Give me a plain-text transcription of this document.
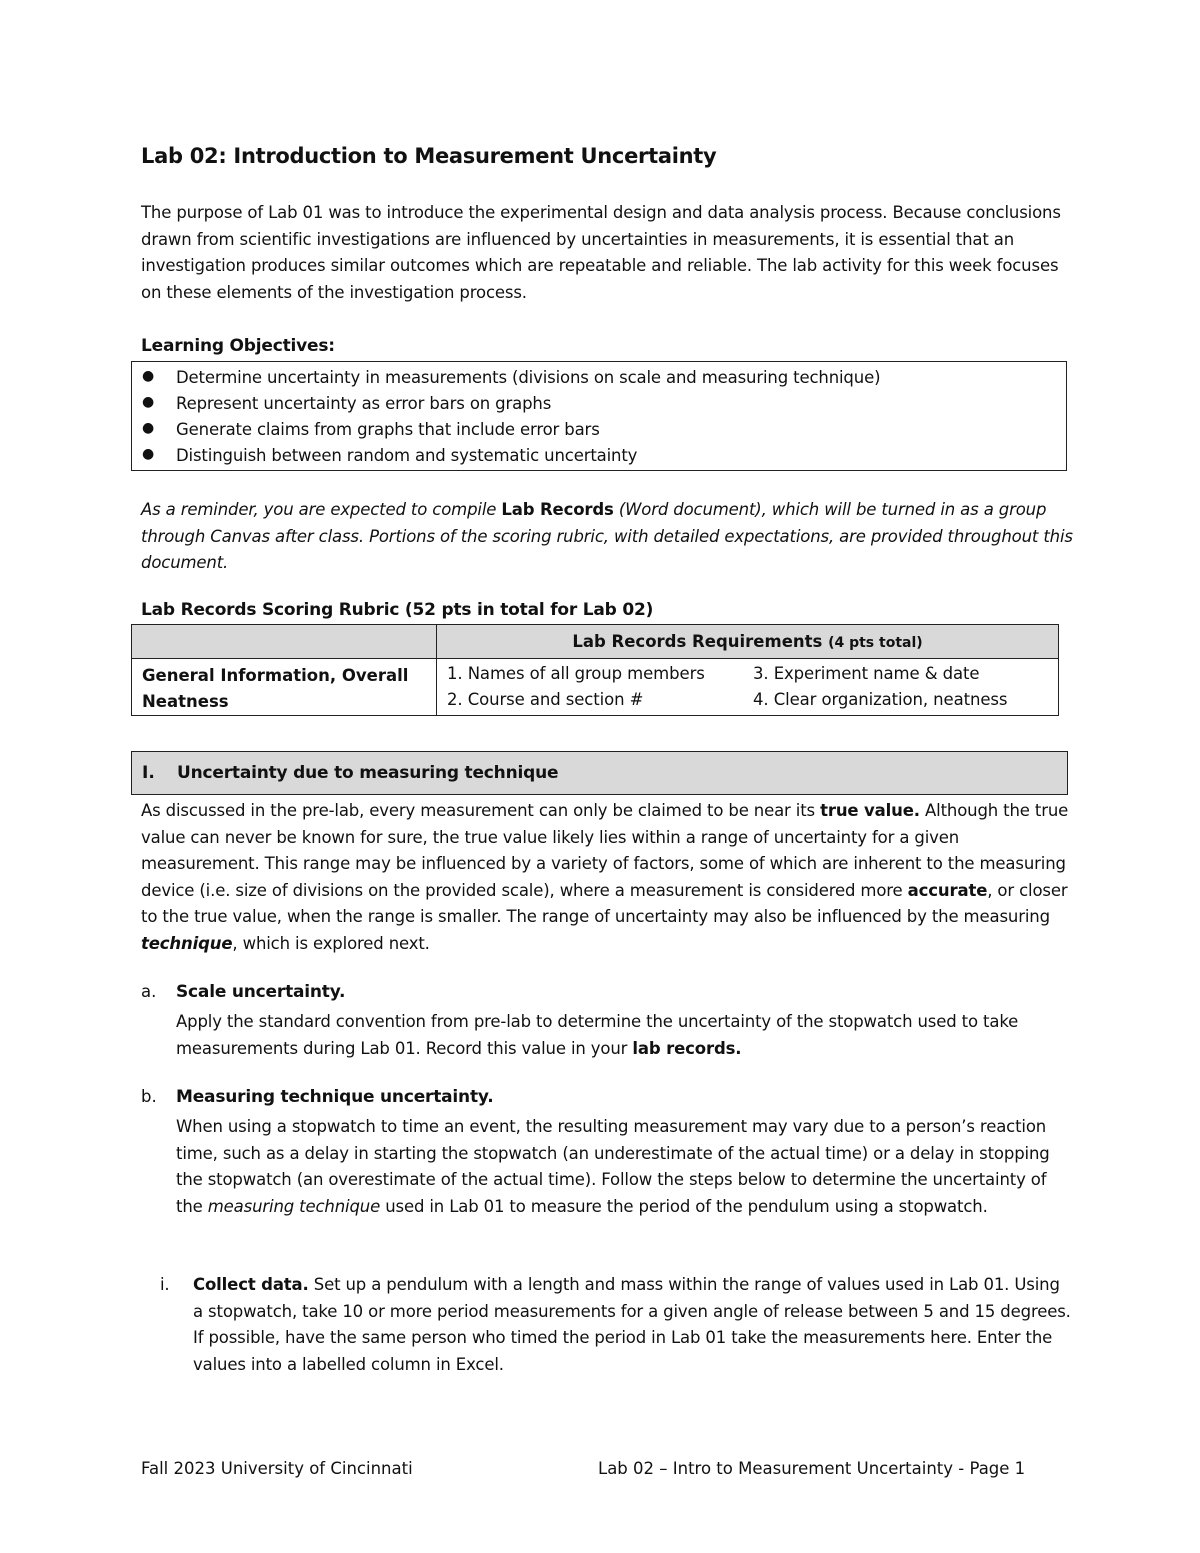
Lab 02: Introduction to Measurement Uncertainty
The purpose of Lab 01 was to introduce the experimental design and data analysis process. Because conclusions drawn from scientific investigations are influenced by uncertainties in measurements, it is essential that an investigation produces similar outcomes which are repeatable and reliable. The lab activity for this week focuses on these elements of the investigation process.
Learning Objectives:
● Determine uncertainty in measurements (divisions on scale and measuring technique)
● Represent uncertainty as error bars on graphs
● Generate claims from graphs that include error bars
● Distinguish between random and systematic uncertainty
As a reminder, you are expected to compile Lab Records (Word document), which will be turned in as a group through Canvas after class. Portions of the scoring rubric, with detailed expectations, are provided throughout this document.
Lab Records Scoring Rubric (52 pts in total for Lab 02)
	Lab Records Requirements (4 pts total)
General Information, Overall Neatness	1. Names of all group members
2. Course and section #
3. Experiment name & date
4. Clear organization, neatness
I. Uncertainty due to measuring technique
As discussed in the pre-lab, every measurement can only be claimed to be near its true value. Although the true value can never be known for sure, the true value likely lies within a range of uncertainty for a given measurement. This range may be influenced by a variety of factors, some of which are inherent to the measuring device (i.e. size of divisions on the provided scale), where a measurement is considered more accurate, or closer to the true value, when the range is smaller. The range of uncertainty may also be influenced by the measuring technique, which is explored next.
a. Scale uncertainty.
Apply the standard convention from pre-lab to determine the uncertainty of the stopwatch used to take measurements during Lab 01. Record this value in your lab records.
b. Measuring technique uncertainty.
When using a stopwatch to time an event, the resulting measurement may vary due to a person’s reaction time, such as a delay in starting the stopwatch (an underestimate of the actual time) or a delay in stopping the stopwatch (an overestimate of the actual time). Follow the steps below to determine the uncertainty of the measuring technique used in Lab 01 to measure the period of the pendulum using a stopwatch.
i. Collect data. Set up a pendulum with a length and mass within the range of values used in Lab 01. Using a stopwatch, take 10 or more period measurements for a given angle of release between 5 and 15 degrees. If possible, have the same person who timed the period in Lab 01 take the measurements here. Enter the values into a labelled column in Excel.
Fall 2023 University of Cincinnati	Lab 02 – Intro to Measurement Uncertainty - Page 1
